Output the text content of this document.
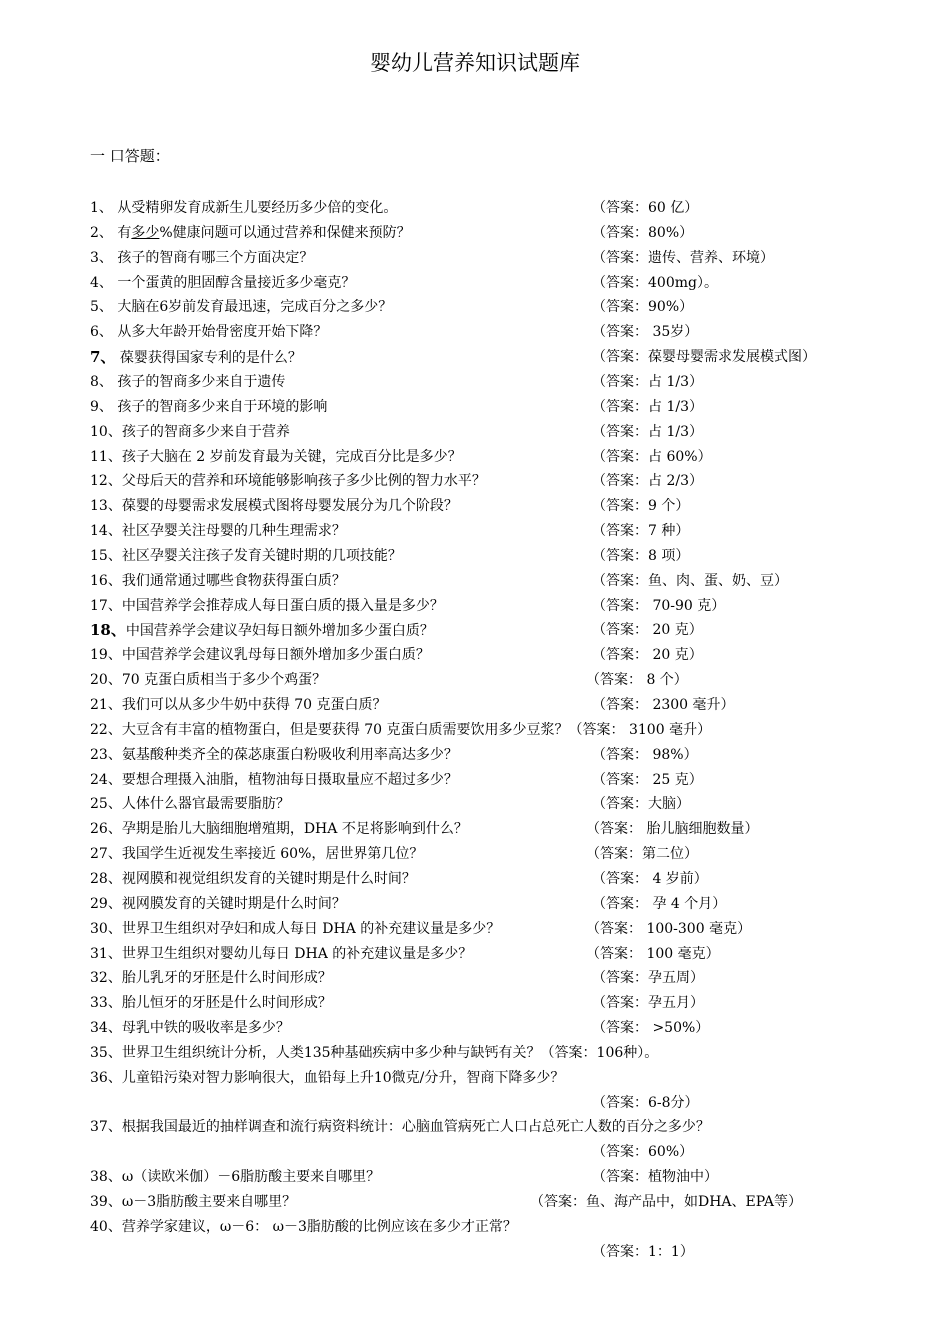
婴幼儿营养知识试题库
一 口答题：
1、 从受精卵发育成新生儿要经历多少倍的变化。	（答案：60 亿）
2、 有多少%健康问题可以通过营养和保健来预防？	（答案：80%）
3、 孩子的智商有哪三个方面决定？	（答案：遗传、营养、环境）
4、 一个蛋黄的胆固醇含量接近多少毫克？	（答案：400mg）。
5、 大脑在6岁前发育最迅速，完成百分之多少？	（答案：90%）
6、 从多大年龄开始骨密度开始下降？	（答案： 35岁）
7、 葆婴获得国家专利的是什么？	（答案：葆婴母婴需求发展模式图）
8、 孩子的智商多少来自于遗传	（答案：占 1/3）
9、 孩子的智商多少来自于环境的影响	（答案：占 1/3）
10、孩子的智商多少来自于营养	（答案：占 1/3）
11、孩子大脑在 2 岁前发育最为关键，完成百分比是多少？	（答案：占 60%）
12、父母后天的营养和环境能够影响孩子多少比例的智力水平？	（答案：占 2/3）
13、葆婴的母婴需求发展模式图将母婴发展分为几个阶段？	（答案：9 个）
14、社区孕婴关注母婴的几种生理需求？	（答案：7 种）
15、社区孕婴关注孩子发育关键时期的几项技能？	（答案：8 项）
16、我们通常通过哪些食物获得蛋白质？	（答案：鱼、肉、蛋、奶、豆）
17、中国营养学会推荐成人每日蛋白质的摄入量是多少？	（答案： 70-90 克）
18、中国营养学会建议孕妇每日额外增加多少蛋白质？	（答案： 20 克）
19、中国营养学会建议乳母每日额外增加多少蛋白质？	（答案： 20 克）
20、70 克蛋白质相当于多少个鸡蛋？	（答案： 8 个）
21、我们可以从多少牛奶中获得 70 克蛋白质？	（答案： 2300 毫升）
22、大豆含有丰富的植物蛋白，但是要获得 70 克蛋白质需要饮用多少豆浆？（答案： 3100 毫升）
23、氨基酸种类齐全的葆苾康蛋白粉吸收利用率高达多少？	（答案： 98%）
24、要想合理摄入油脂，植物油每日摄取量应不超过多少？	（答案： 25 克）
25、人体什么器官最需要脂肪？	（答案：大脑）
26、孕期是胎儿大脑细胞增殖期，DHA 不足将影响到什么？	（答案： 胎儿脑细胞数量）
27、我国学生近视发生率接近 60%，居世界第几位？	（答案：第二位）
28、视网膜和视觉组织发育的关键时期是什么时间？	（答案： 4 岁前）
29、视网膜发育的关键时期是什么时间？	（答案： 孕 4 个月）
30、世界卫生组织对孕妇和成人每日 DHA 的补充建议量是多少？	（答案： 100-300 毫克）
31、世界卫生组织对婴幼儿每日 DHA 的补充建议量是多少？	（答案： 100 毫克）
32、胎儿乳牙的牙胚是什么时间形成？	（答案：孕五周）
33、胎儿恒牙的牙胚是什么时间形成？	（答案：孕五月）
34、母乳中铁的吸收率是多少？	（答案： >50%）
35、世界卫生组织统计分析，人类135种基础疾病中多少种与缺钙有关？（答案：106种）。
36、儿童铅污染对智力影响很大，血铅每上升10微克/分升，智商下降多少？
（答案：6-8分）
37、根据我国最近的抽样调查和流行病资料统计：心脑血管病死亡人口占总死亡人数的百分之多少？
（答案：60%）
38、ω（读欧米伽）－6脂肪酸主要来自哪里？	（答案：植物油中）
39、ω－3脂肪酸主要来自哪里？	（答案：鱼、海产品中，如DHA、EPA等）
40、营养学家建议，ω－6： ω－3脂肪酸的比例应该在多少才正常？
（答案：1：1）
